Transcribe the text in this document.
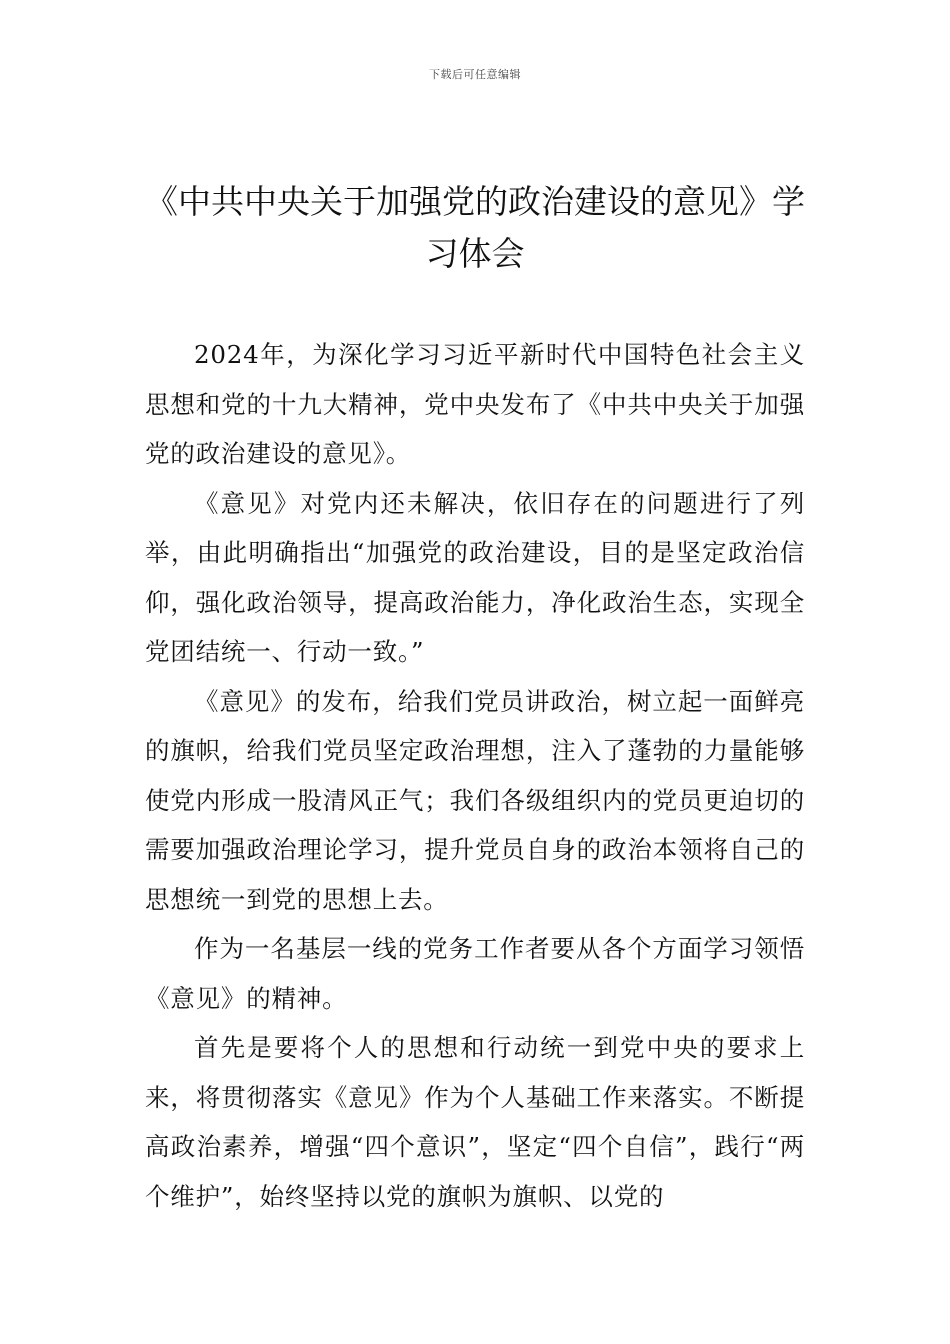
下载后可任意编辑
《中共中央关于加强党的政治建设的意见》学习体会

2024年，为深化学习习近平新时代中国特色社会主义思想和党的十九大精神，党中央发布了《中共中央关于加强党的政治建设的意见》。

《意见》对党内还未解决，依旧存在的问题进行了列举，由此明确指出“加强党的政治建设，目的是坚定政治信仰，强化政治领导，提高政治能力，净化政治生态，实现全党团结统一、行动一致。”

《意见》的发布，给我们党员讲政治，树立起一面鲜亮的旗帜，给我们党员坚定政治理想，注入了蓬勃的力量能够使党内形成一股清风正气；我们各级组织内的党员更迫切的需要加强政治理论学习，提升党员自身的政治本领将自己的思想统一到党的思想上去。

作为一名基层一线的党务工作者要从各个方面学习领悟《意见》的精神。

首先是要将个人的思想和行动统一到党中央的要求上来，将贯彻落实《意见》作为个人基础工作来落实。不断提高政治素养，增强“四个意识”，坚定“四个自信”，践行“两个维护”，始终坚持以党的旗帜为旗帜、以党的
